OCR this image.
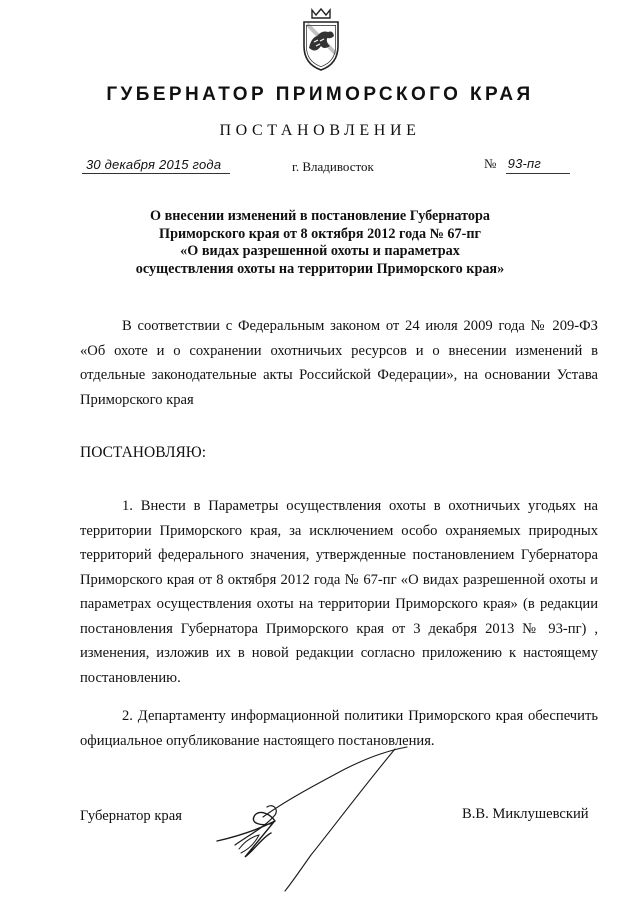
ГУБЕРНАТОР ПРИМОРСКОГО КРАЯ
ПОСТАНОВЛЕНИЕ
30 декабря 2015 года	г. Владивосток	№ 93-пг
О внесении изменений в постановление Губернатора
Приморского края от 8 октября 2012 года № 67-пг
«О видах разрешенной охоты и параметрах
осуществления охоты на территории Приморского края»
В соответствии с Федеральным законом от 24 июля 2009 года № 209-ФЗ «Об охоте и о сохранении охотничьих ресурсов и о внесении изменений в отдельные законодательные акты Российской Федерации», на основании Устава Приморского края
ПОСТАНОВЛЯЮ:
1. Внести в Параметры осуществления охоты в охотничьих угодьях на территории Приморского края, за исключением особо охраняемых природных территорий федерального значения, утвержденные постановлением Губернатора Приморского края от 8 октября 2012 года № 67-пг «О видах разрешенной охоты и параметрах осуществления охоты на территории Приморского края» (в редакции постановления Губернатора Приморского края от 3 декабря 2013 № 93-пг) , изменения, изложив их в новой редакции согласно приложению к настоящему постановлению.
2. Департаменту информационной политики Приморского края обеспечить официальное опубликование настоящего постановления.
Губернатор края	В.В. Миклушевский
